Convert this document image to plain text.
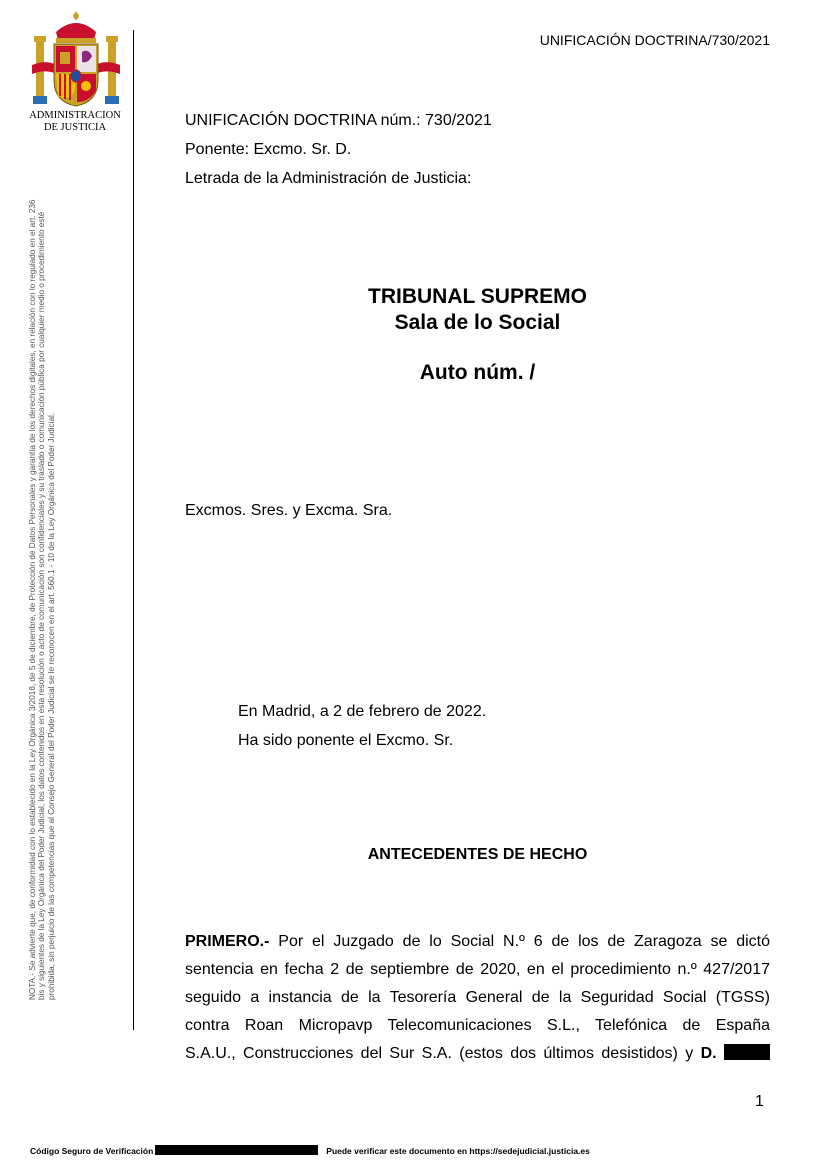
ADMINISTRACION
DE JUSTICIA
NOTA.- Se advierte que, de conformidad con lo establecido en la Ley Orgánica 3/2018, de 5 de diciembre, de Protección de Datos Personales y garantía de los derechos digitales, en relación con lo regulado en el art. 236 bis y siguientes de la Ley Orgánica del Poder Judicial, los datos contenidos en esta resolución o acto de comunicación son confidenciales y su traslado o comunicación pública por cualquier medio o procedimiento esté prohibida, sin perjuicio de las competencias que al Consejo General del Poder Judicial se le reconocen en el art. 560.1 - 10 de la Ley Orgánica del Poder Judicial.
UNIFICACIÓN DOCTRINA/730/2021
UNIFICACIÓN DOCTRINA núm.: 730/2021
Ponente: Excmo. Sr. D.
Letrada de la Administración de Justicia:
TRIBUNAL SUPREMO
Sala de lo Social
Auto núm. /
Excmos. Sres. y Excma. Sra.
En Madrid, a 2 de febrero de 2022.
Ha sido ponente el Excmo. Sr.
ANTECEDENTES DE HECHO
PRIMERO.- Por el Juzgado de lo Social N.º 6 de los de Zaragoza se dictó
sentencia en fecha 2 de septiembre de 2020, en el procedimiento n.º 427/2017
seguido a instancia de la Tesorería General de la Seguridad Social (TGSS)
contra Roan Micropavp Telecomunicaciones S.L., Telefónica de España
S.A.U., Construcciones del Sur S.A. (estos dos últimos desistidos) y D.
1
Código Seguro de Verificación	Puede verificar este documento en https://sedejudicial.justicia.es
